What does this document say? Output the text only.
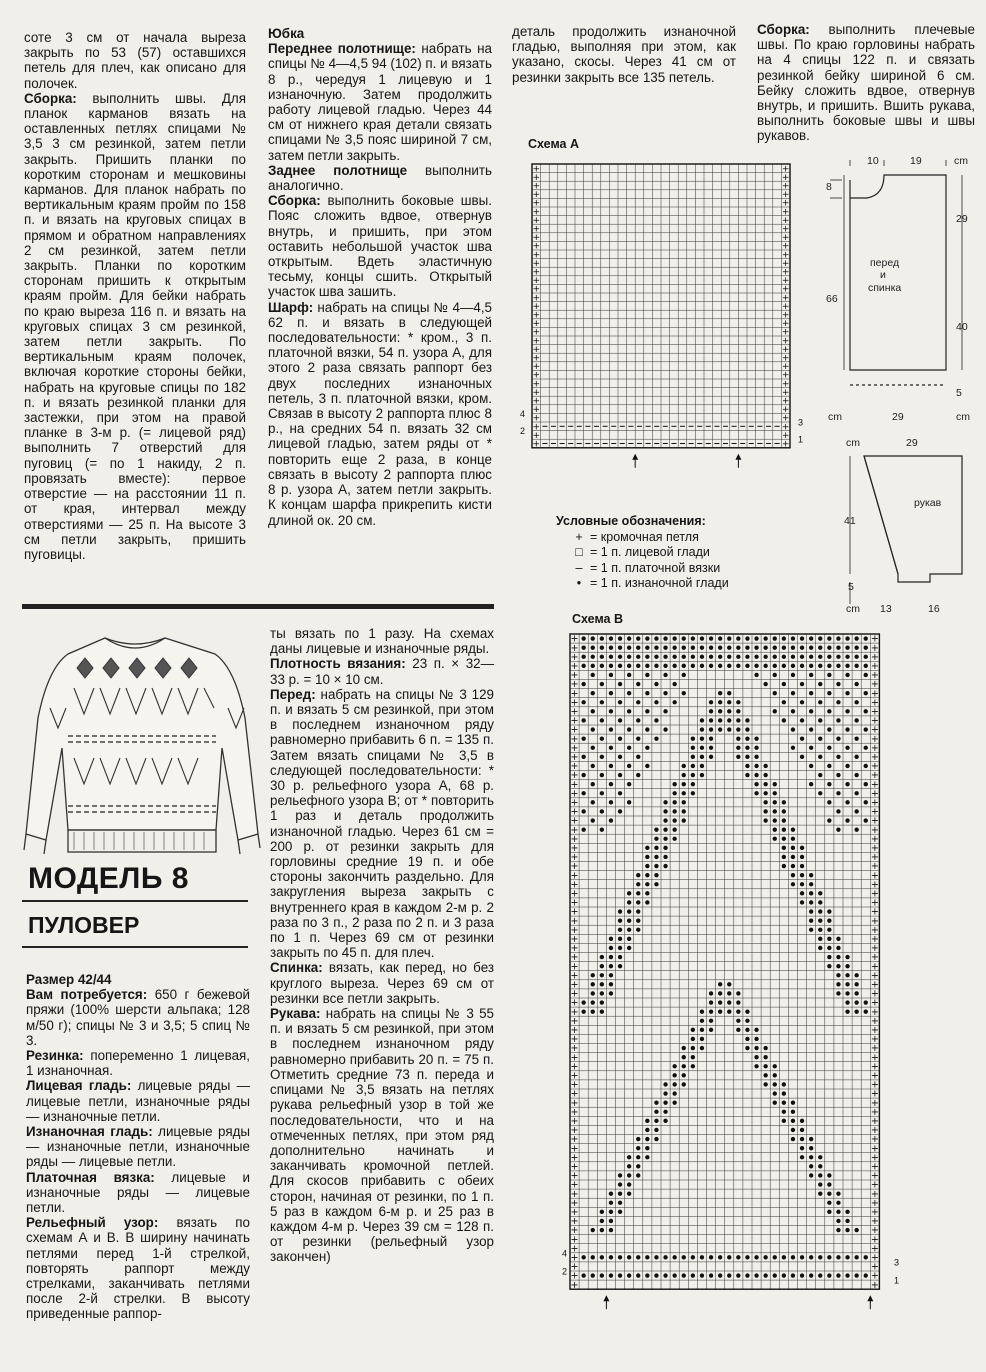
сотe 3 см от начала выреза закрыть по 53 (57) оставшихся петель для плеч, как описано для полочек.

Сборка: выполнить швы. Для планок карманов вязать на оставленных петлях спицами № 3,5 3 см резинкой, затем петли закрыть. Пришить планки по коротким сторонам и мешковины карманов. Для планок набрать по вертикальным краям пройм по 158 п. и вязать на круговых спицах в прямом и обратном направлениях 2 см резинкой, затем петли закрыть. Планки по коротким сторонам пришить к открытым краям пройм. Для бейки набрать по краю выреза 116 п. и вязать на круговых спицах 3 см резинкой, затем петли закрыть. По вертикальным краям полочек, включая короткие стороны бейки, набрать на круговые спицы по 182 п. и вязать резинкой планки для застежки, при этом на правой планке в 3-м р. (= лицевой ряд) выполнить 7 отверстий для пуговиц (= по 1 накиду, 2 п. провязать вместе): первое отверстие — на расстоянии 11 п. от края, интервал между отверстиями — 25 п. На высоте 3 см петли закрыть, пришить пуговицы.

Юбка

Переднее полотнище: набрать на спицы № 4—4,5 94 (102) п. и вязать 8 р., чередуя 1 лицевую и 1 изнаночную. Затем продолжить работу лицевой гладью. Через 44 см от нижнего края детали связать спицами № 3,5 пояс шириной 7 см, затем петли закрыть.

Заднее полотнище выполнить аналогично.

Сборка: выполнить боковые швы. Пояс сложить вдвое, отвернув внутрь, и пришить, при этом оставить небольшой участок шва открытым. Вдеть эластичную тесьму, концы сшить. Открытый участок шва зашить.

Шарф: набрать на спицы № 4—4,5 62 п. и вязать в следующей последовательности: * кром., 3 п. платочной вязки, 54 п. узора А, для этого 2 раза связать раппорт без двух последних изнаночных петель, 3 п. платочной вязки, кром. Связав в высоту 2 раппорта плюс 8 р., на средних 54 п. вязать 32 см лицевой гладью, затем ряды от * повторить еще 2 раза, в конце связать в высоту 2 раппорта плюс 8 р. узора А, затем петли закрыть. К концам шарфа прикрепить кисти длиной ок. 20 см.

деталь продолжить изнаночной гладью, выполняя при этом, как указано, скосы. Через 41 см от резинки закрыть все 135 петель.

Сборка: выполнить плечевые швы. По краю горловины набрать на 4 спицы 122 п. и связать резинкой бейку шириной 6 см. Бейку сложить вдвое, отвернув внутрь, и пришить. Вшить рукава, выполнить боковые швы и швы рукавов.

МОДЕЛЬ 8
ПУЛОВЕР

Размер 42/44

Вам потребуется: 650 г бежевой пряжи (100% шерсти альпака; 128 м/50 г); спицы № 3 и 3,5; 5 спиц № 3.

Резинка: попеременно 1 лицевая, 1 изнаночная.

Лицевая гладь: лицевые ряды — лицевые петли, изнаночные ряды — изнаночные петли.

Изнаночная гладь: лицевые ряды — изнаночные петли, изнаночные ряды — лицевые петли.

Платочная вязка: лицевые и изнаночные ряды — лицевые петли.

Рельефный узор: вязать по схемам А и В. В ширину начинать петлями перед 1-й стрелкой, повторять раппорт между стрелками, заканчивать петлями после 2-й стрелки. В высоту приведенные раппор-

ты вязать по 1 разу. На схемах даны лицевые и изнаночные ряды.

Плотность вязания: 23 п. × 32—33 р. = 10 × 10 см.

Перед: набрать на спицы № 3 129 п. и вязать 5 см резинкой, при этом в последнем изнаночном ряду равномерно прибавить 6 п. = 135 п. Затем вязать спицами № 3,5 в следующей последовательности: * 30 р. рельефного узора А, 68 р. рельефного узора В; от * повторить 1 раз и деталь продолжить изнаночной гладью. Через 61 см = 200 р. от резинки закрыть для горловины средние 19 п. и обе стороны закончить раздельно. Для закругления выреза закрыть с внутреннего края в каждом 2-м р. 2 раза по 3 п., 2 раза по 2 п. и 3 раза по 1 п. Через 69 см от резинки закрыть по 45 п. для плеч.

Спинка: вязать, как перед, но без круглого выреза. Через 69 см от резинки все петли закрыть.

Рукава: набрать на спицы № 3 55 п. и вязать 5 см резинкой, при этом в последнем изнаночном ряду равномерно прибавить 20 п. = 75 п. Отметить средние 73 п. переда и спицами № 3,5 вязать на петлях рукава рельефный узор в той же последовательности, что и на отмеченных петлях, при этом ряд дополнительно начинать и заканчивать кромочной петлей. Для скосов прибавить с обеих сторон, начиная от резинки, по 1 п. 5 раз в каждом 6-м р. и 25 раз в каждом 4-м р. Через 39 см = 128 п. от резинки (рельефный узор закончен)

Схема А
+	+
+	+
+	+
+	+
+	+
+	+
+	+
+	+
+	+
+	+
+	+
+	+
+	+
+	+
+	+
+	+
+	+
+	+
+	+
+	+
+	+
+	+
+	+
+	+
+	+
+	+
+	+
+	+
+	+
+	+
+	+
+	+
+	+
4
2
3
1
Условные обозначения:
+ = кромочная петля
□ = 1 п. лицевой глади
– = 1 п. платочной вязки
• = 1 п. изнаночной глади
Схема В
+	+
+	+
+	+
+	+
+	+
+	+
+	+
+	+
+	+
+	+
+	+
+	+
+	+
+	+
+	+
+	+
+	+
+	+
+	+
+	+
+	+
+	+
+	+
+	+
+	+
+	+
+	+
+	+
+	+
+	+
+	+
+	+
+	+
+	+
+	+
+	+
+	+
+	+
+	+
+	+
+	+
+	+
+	+
+	+
+	+
+	+
+	+
+	+
+	+
+	+
+	+
+	+
+	+
+	+
+	+
+	+
+	+
+	+
+	+
+	+
+	+
+	+
+	+
+	+
+	+
+	+
+	+
+	+
+	+
+	+
+	+
+	+
4
2
3
1
10	19	cm
8
66
29
40
5
перед
и
спинка
cm	29	cm
cm	29
41
5
рукав
cm 13	16
